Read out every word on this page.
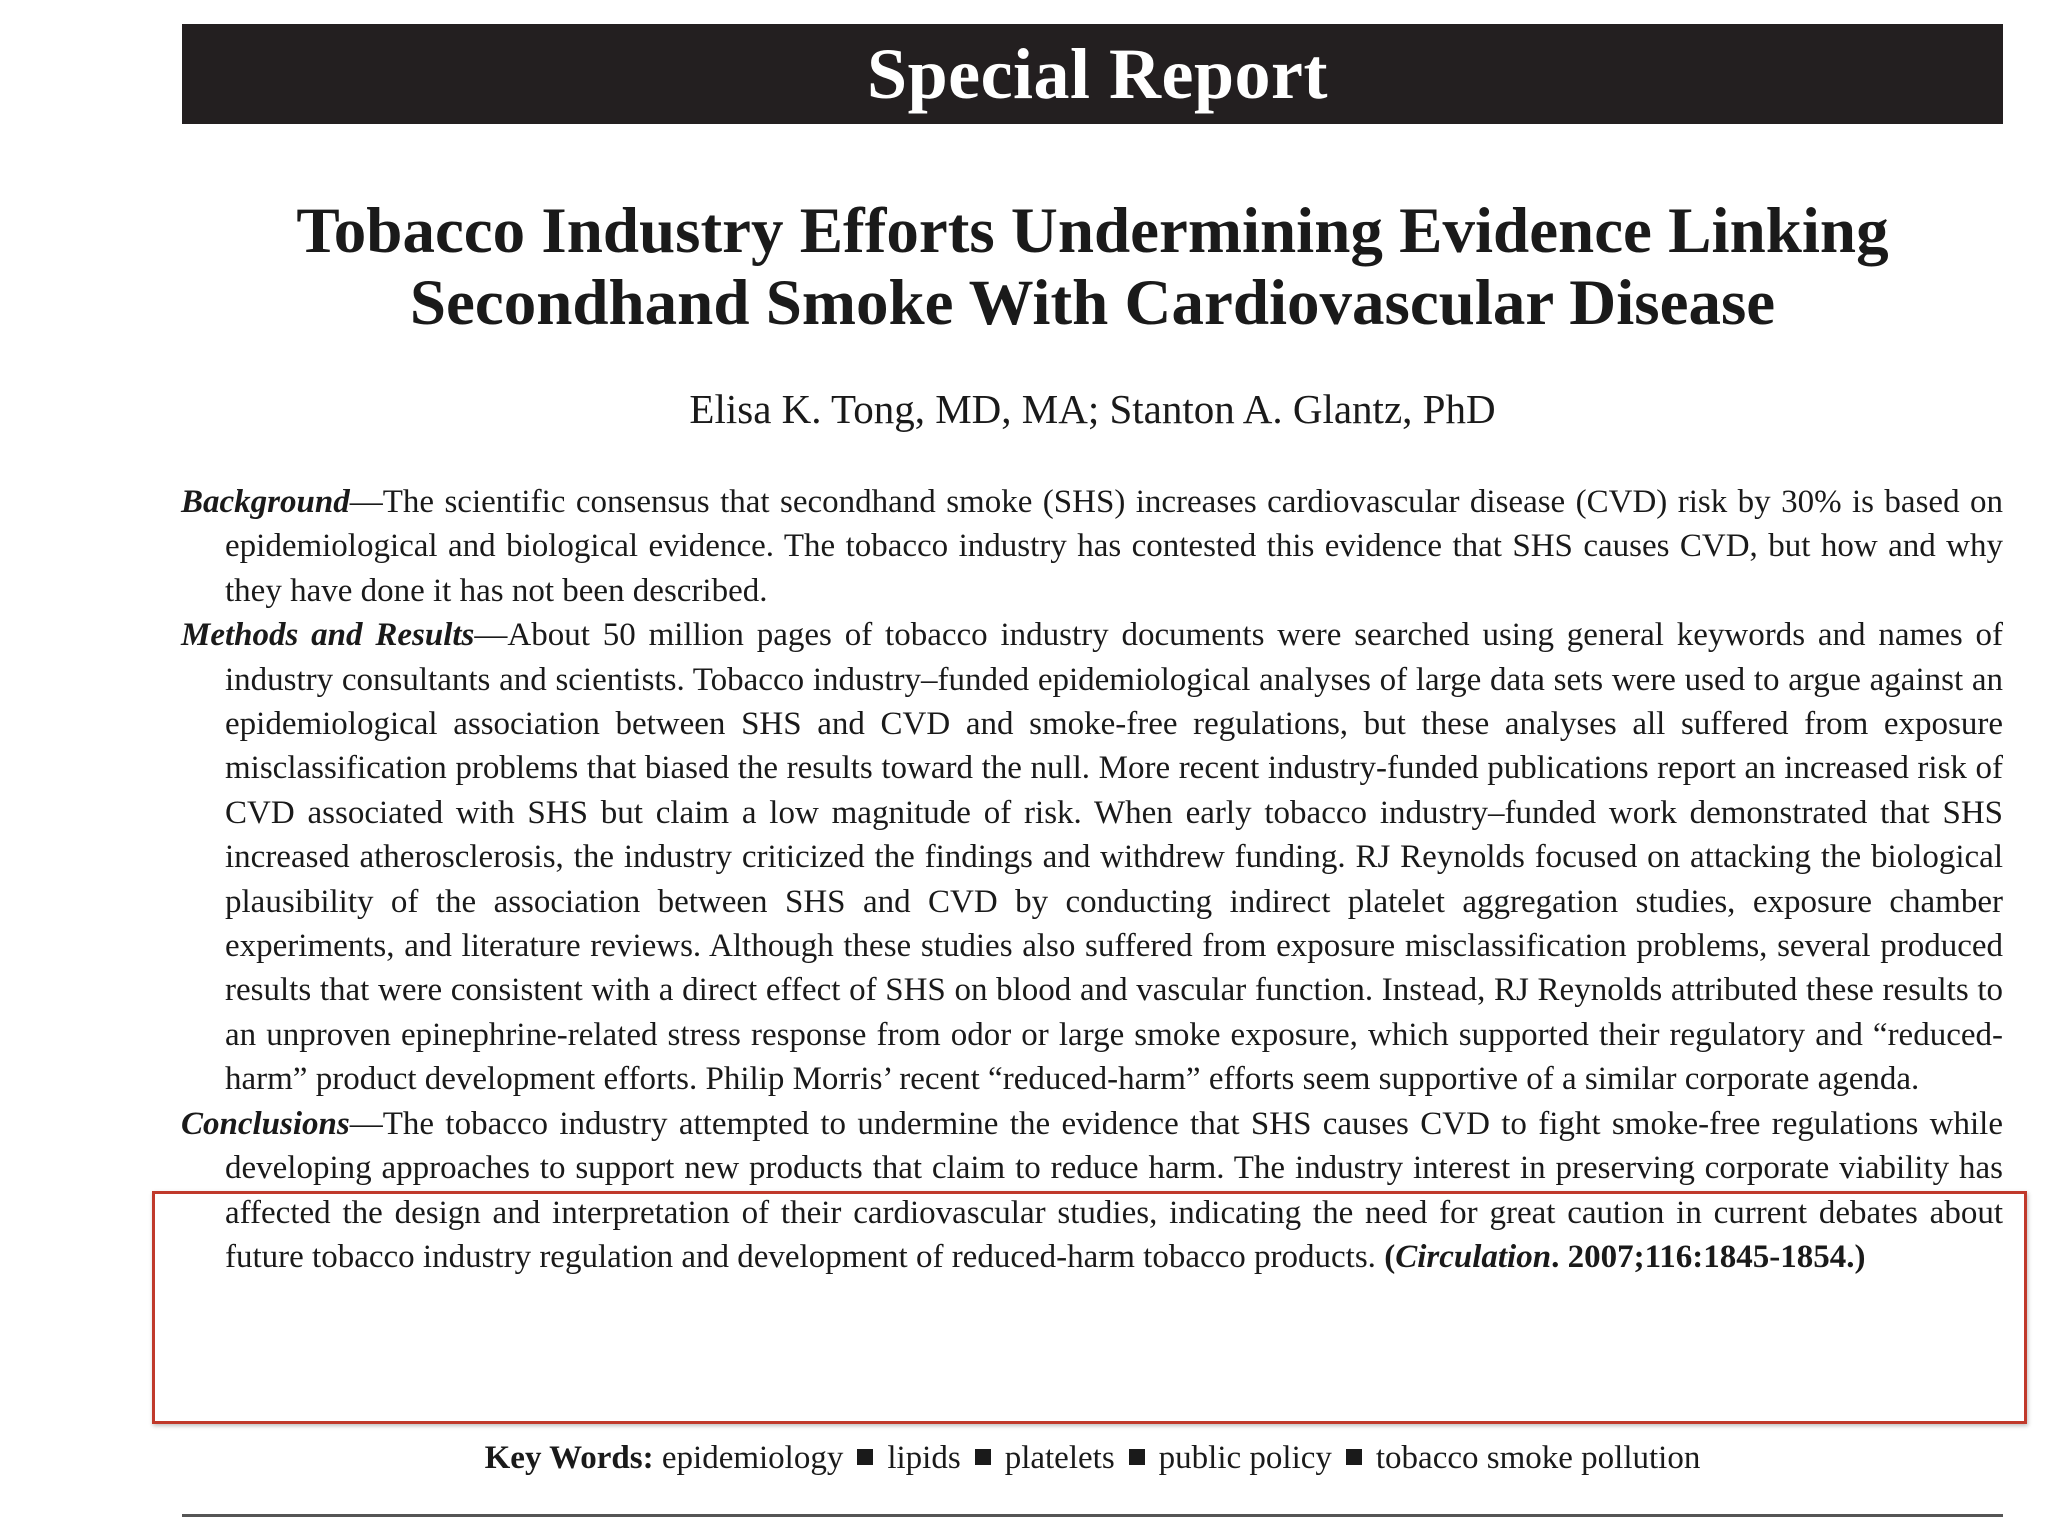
Special Report
Tobacco Industry Efforts Undermining Evidence Linking
Secondhand Smoke With Cardiovascular Disease
Elisa K. Tong, MD, MA; Stanton A. Glantz, PhD

Background—The scientific consensus that secondhand smoke (SHS) increases cardiovascular disease (CVD) risk by 30% is based on epidemiological and biological evidence. The tobacco industry has contested this evidence that SHS causes CVD, but how and why they have done it has not been described.

Methods and Results—About 50 million pages of tobacco industry documents were searched using general keywords and names of industry consultants and scientists. Tobacco industry–funded epidemiological analyses of large data sets were used to argue against an epidemiological association between SHS and CVD and smoke-free regulations, but these analyses all suffered from exposure misclassification problems that biased the results toward the null. More recent industry-funded publications report an increased risk of CVD associated with SHS but claim a low magnitude of risk. When early tobacco industry–funded work demonstrated that SHS increased atherosclerosis, the industry criticized the findings and withdrew funding. RJ Reynolds focused on attacking the biological plausibility of the association between SHS and CVD by conducting indirect platelet aggregation studies, exposure chamber experiments, and literature reviews. Although these studies also suffered from exposure misclassification problems, several produced results that were consistent with a direct effect of SHS on blood and vascular function. Instead, RJ Reynolds attributed these results to an unproven epinephrine-related stress response from odor or large smoke exposure, which supported their regulatory and “reduced-harm” product development efforts. Philip Morris’ recent “reduced-harm” efforts seem supportive of a similar corporate agenda.

Conclusions—The tobacco industry attempted to undermine the evidence that SHS causes CVD to fight smoke-free regulations while developing approaches to support new products that claim to reduce harm. The industry interest in preserving corporate viability has affected the design and interpretation of their cardiovascular studies, indicating the need for great caution in current debates about future tobacco industry regulation and development of reduced-harm tobacco products. (Circulation. 2007;116:1845-1854.)

Key Words: epidemiology lipids platelets public policy tobacco smoke pollution
